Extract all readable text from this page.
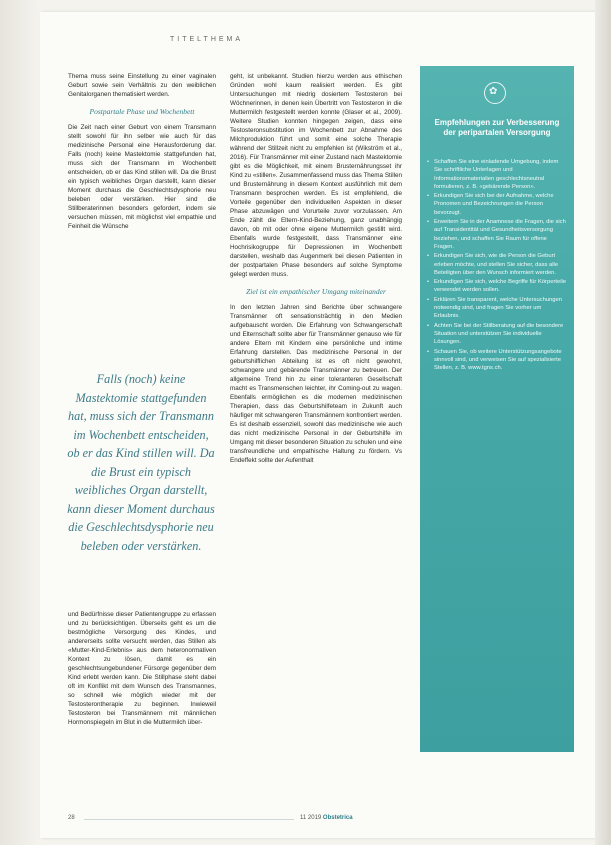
TITELTHEMA

Thema muss seine Einstellung zu einer vaginalen Geburt sowie sein Verhältnis zu den weiblichen Genitalorganen thematisiert werden.

Postpartale Phase und Wochenbett

Die Zeit nach einer Geburt von einem Transmann stellt sowohl für ihn selber wie auch für das medizinische Personal eine Herausforderung dar. Falls (noch) keine Mastektomie stattgefunden hat, muss sich der Transmann im Wochenbett entscheiden, ob er das Kind stillen will. Da die Brust ein typisch weibliches Organ darstellt, kann dieser Moment durchaus die Geschlechtsdysphorie neu beleben oder verstärken. Hier sind die Stillberaterinnen besonders gefordert, indem sie versuchen müssen, mit möglichst viel empathie und Feinheit die Wünsche

Falls (noch) keine Mastektomie stattgefunden hat, muss sich der Transmann im Wochenbett entscheiden, ob er das Kind stillen will. Da die Brust ein typisch weibliches Organ darstellt, kann dieser Moment durchaus die Geschlechtsdysphorie neu beleben oder verstärken.

und Bedürfnisse dieser Patientengruppe zu erfassen und zu berücksichtigen. Überseits geht es um die bestmögliche Versorgung des Kindes, und andererseits sollte versucht werden, das Stillen als «Mutter-Kind-Erlebnis» aus dem heteronormativen Kontext zu lösen, damit es ein geschlechtsungebundener Fürsorge gegenüber dem Kind erlebt werden kann. Die Stillphase steht dabei oft im Konflikt mit dem Wunsch des Transmannes, so schnell wie möglich wieder mit der Testosterontherapie zu beginnen. Inwieweil Testosteron bei Transmännern mit männlichen Hormonspiegeln im Blut in die Muttermilch über-

geht, ist unbekannt. Studien hierzu werden aus ethischen Gründen wohl kaum realisiert werden. Es gibt Untersuchungen mit niedrig dosiertem Testosteron bei Wöchnerinnen, in denen kein Übertritt von Testosteron in die Muttermilch festgestellt werden konnte (Glaser et al., 2009). Weitere Studien konnten hingegen zeigen, dass eine Testosteronsubstitution im Wochenbett zur Abnahme des Milchproduktion führt und somit eine solche Therapie während der Stillzeit nicht zu empfehlen ist (Wikström et al., 2016). Für Transmänner mit einer Zustand nach Mastektomie gibt es die Möglichkeit, mit einem Brusternährungsset ihr Kind zu «stillen». Zusammenfassend muss das Thema Stillen und Brusternährung in diesem Kontext ausführlich mit dem Transmann besprochen werden. Es ist empfehlend, die Vorteile gegenüber den individuellen Aspekten in dieser Phase abzuwägen und Vorurteile zuvor vorzulassen. Am Ende zählt die Eltern-Kind-Beziehung, ganz unabhängig davon, ob mit oder ohne eigene Muttermilch gestillt wird. Ebenfalls wurde festgestellt, dass Transmänner eine Hochrisikogruppe für Depressionen im Wochenbett darstellen, weshalb das Augenmerk bei diesen Patienten in der postpartalen Phase besonders auf solche Symptome gelegt werden muss.

Ziel ist ein empathischer Umgang miteinander

In den letzten Jahren sind Berichte über schwangere Transmänner oft sensationsträchtig in den Medien aufgebauscht worden. Die Erfahrung von Schwangerschaft und Elternschaft sollte aber für Transmänner genauso wie für andere Eltern mit Kindern eine persönliche und intime Erfahrung darstellen. Das medizinische Personal in der geburtshilflichen Abteilung ist es oft nicht gewohnt, schwangere und gebärende Transmänner zu betreuen. Der allgemeine Trend hin zu einer toleranteren Gesellschaft macht es Transmenschen leichter, ihr Coming-out zu wagen. Ebenfalls ermöglichen es die modernen medizinischen Therapien, dass das Geburtshilfeteam in Zukunft auch häufiger mit schwangeren Transmännern konfrontiert werden. Es ist deshalb essenziell, sowohl das medizinische wie auch das nicht medizinische Personal in der Geburtshilfe im Umgang mit dieser besonderen Situation zu schulen und eine transfreundliche und empathische Haltung zu fördern. Vs Endeffekt sollte der Aufenthalt

✿
Empfehlungen zur Verbesserung der peripartalen Versorgung
• Schaffen Sie eine einladende Umgebung, indem Sie schriftliche Unterlagen und Informationsmaterialien geschlechtsneutral formulieren, z. B. «gebärende Person».
• Erkundigen Sie sich bei der Aufnahme, welche Pronomen und Bezeichnungen die Person bevorzugt.
• Erweitern Sie in der Anamnese die Fragen, die sich auf Transidentität und Gesundheitsversorgung beziehen, und schaffen Sie Raum für offene Fragen.
• Erkundigen Sie sich, wie die Person die Geburt erleben möchte, und stellen Sie sicher, dass alle Beteiligten über den Wunsch informiert werden.
• Erkundigen Sie sich, welche Begriffe für Körperteile verwendet werden sollen.
• Erklären Sie transparent, welche Untersuchungen notwendig sind, und fragen Sie vorher um Erlaubnis.
• Achten Sie bei der Stillberatung auf die besondere Situation und unterstützen Sie individuelle Lösungen.
• Schauen Sie, ob weitere Unterstützungsangebote sinnvoll sind, und verweisen Sie auf spezialisierte Stellen, z. B. www.tgns.ch.
28	11 2019 Obstetrica
